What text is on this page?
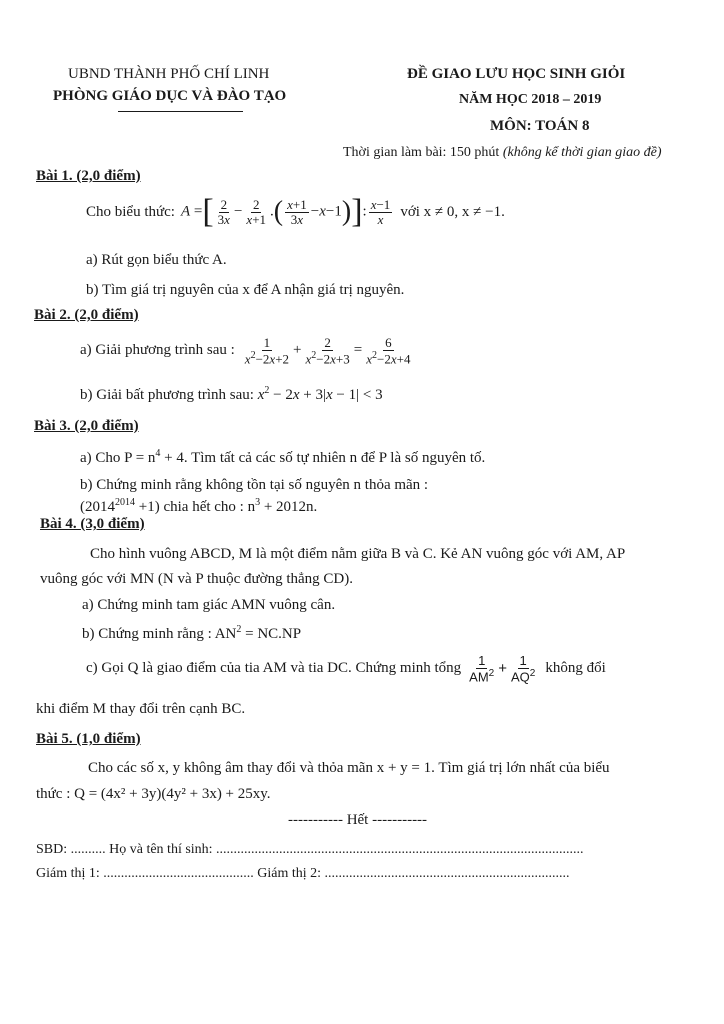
UBND THÀNH PHỐ CHÍ LINH
PHÒNG GIÁO DỤC VÀ ĐÀO TẠO
ĐỀ GIAO LƯU HỌC SINH GIỎI
NĂM HỌC 2018 – 2019
MÔN: TOÁN 8
Thời gian làm bài: 150 phút (không kể thời gian giao đề)
Bài 1. (2,0 điểm)
Cho biểu thức: A =[ $\frac{2}{3x} - \frac{2}{x+1}$ .( $\frac{x+1}{3x} -x-1$)]: $\frac{x-1}{x}$ với x ≠ 0, x ≠ −1.
a) Rút gọn biểu thức A.
b) Tìm giá trị nguyên của x để A nhận giá trị nguyên.
Bài 2. (2,0 điểm)
a) Giải phương trình sau : $\frac{1}{x^2-2x+2} + \frac{2}{x^2-2x+3} = \frac{6}{x^2-2x+4}$
b) Giải bất phương trình sau: $x^2 - 2x + 3|x - 1| < 3$
Bài 3. (2,0 điểm)
a) Cho $P = n^4 + 4$. Tìm tất cả các số tự nhiên n để P là số nguyên tố.
b) Chứng minh rằng không tồn tại số nguyên n thỏa mãn :
$(2014^{2014} +1)$ chia hết cho : $n^3 + 2012n$.
Bài 4. (3,0 điểm)
Cho hình vuông ABCD, M là một điểm nằm giữa B và C. Kẻ AN vuông góc với AM, AP
vuông góc với MN (N và P thuộc đường thẳng CD).
a) Chứng minh tam giác AMN vuông cân.
b) Chứng minh rằng : $AN^2 = NC.NP$
c) Gọi Q là giao điểm của tia AM và tia DC. Chứng minh tổng $\frac{1}{AM^2} + \frac{1}{AQ^2}$ không đổi
khi điểm M thay đổi trên cạnh BC.
Bài 5. (1,0 điểm)
Cho các số x, y không âm thay đổi và thỏa mãn x + y = 1. Tìm giá trị lớn nhất của biểu
thức : Q = (4x² + 3y)(4y² + 3x) + 25xy.
----------- Hết -----------
SBD: .......... Họ và tên thí sinh: .........................................................................................................
Giám thị 1: ........................................... Giám thị 2: ......................................................................
